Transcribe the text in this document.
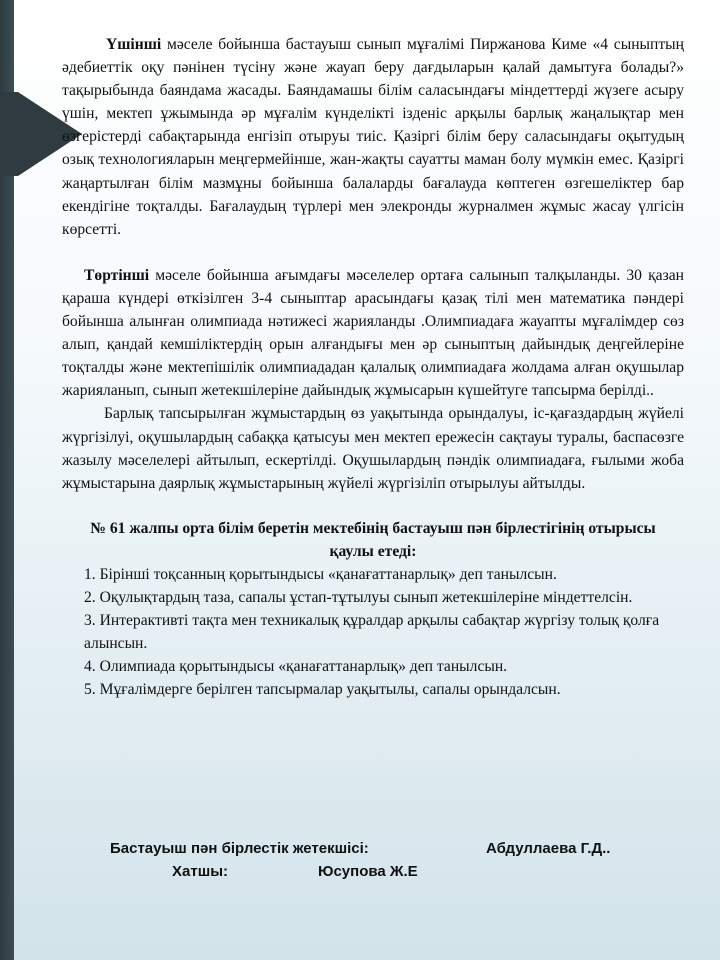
Үшінші мәселе бойынша бастауыш сынып мұғалімі Пиржанова Киме «4 сыныптың әдебиеттік оқу пәнінен түсіну және жауап беру дағдыларын қалай дамытуға болады?» тақырыбында баяндама жасады. Баяндамашы білім саласындағы міндеттерді жүзеге асыру үшін, мектеп ұжымында әр мұғалім күнделікті ізденіс арқылы барлық жаңалықтар мен өзгерістерді сабақтарында енгізіп отыруы тиіс. Қазіргі білім беру саласындағы оқытудың озық технологияларын меңгермейінше, жан-жақты сауатты маман болу мүмкін емес. Қазіргі жаңартылған білім мазмұны бойынша балаларды бағалауда көптеген өзгешеліктер бар екендігіне тоқталды. Бағалаудың түрлері мен элекронды журналмен жұмыс жасау үлгісін көрсетті.

Төртінші мәселе бойынша ағымдағы мәселелер ортаға салынып талқыланды. 30 қазан қараша күндері өткізілген 3-4 сыныптар арасындағы қазақ тілі мен математика пәндері бойынша алынған олимпиада нәтижесі жарияланды .Олимпиадаға жауапты мұғалімдер сөз алып, қандай кемшіліктердің орын алғандығы мен әр сыныптың дайындық деңгейлеріне тоқталды және мектепішілік олимпиададан қалалық олимпиадаға жолдама алған оқушылар жарияланып, сынып жетекшілеріне дайындық жұмысарын күшейтуге тапсырма берілді..

Барлық тапсырылған жұмыстардың өз уақытында орындалуы, іс-қағаздардың жүйелі жүргізілуі, оқушылардың сабаққа қатысуы мен мектеп ережесін сақтауы туралы, баспасөзге жазылу мәселелері айтылып, ескертілді. Оқушылардың пәндік олимпиадаға, ғылыми жоба жұмыстарына даярлық жұмыстарының жүйелі жүргізіліп отырылуы айтылды.

№ 61 жалпы орта білім беретін мектебінің бастауыш пән бірлестігінің отырысы қаулы етеді:
1. Бірінші тоқсанның қорытындысы «қанағаттанарлық» деп танылсын.
2. Оқулықтардың таза, сапалы ұстап-тұтылуы сынып жетекшілеріне міндеттелсін.
3. Интерактивті тақта мен техникалық құралдар арқылы сабақтар жүргізу толық қолға алынсын.
4. Олимпиада қорытындысы «қанағаттанарлық» деп танылсын.
5. Мұғалімдерге берілген тапсырмалар уақытылы, сапалы орындалсын.
Бастауыш пән бірлестік жетекшісі:	Абдуллаева Г.Д..
Хатшы:	Юсупова Ж.Е
